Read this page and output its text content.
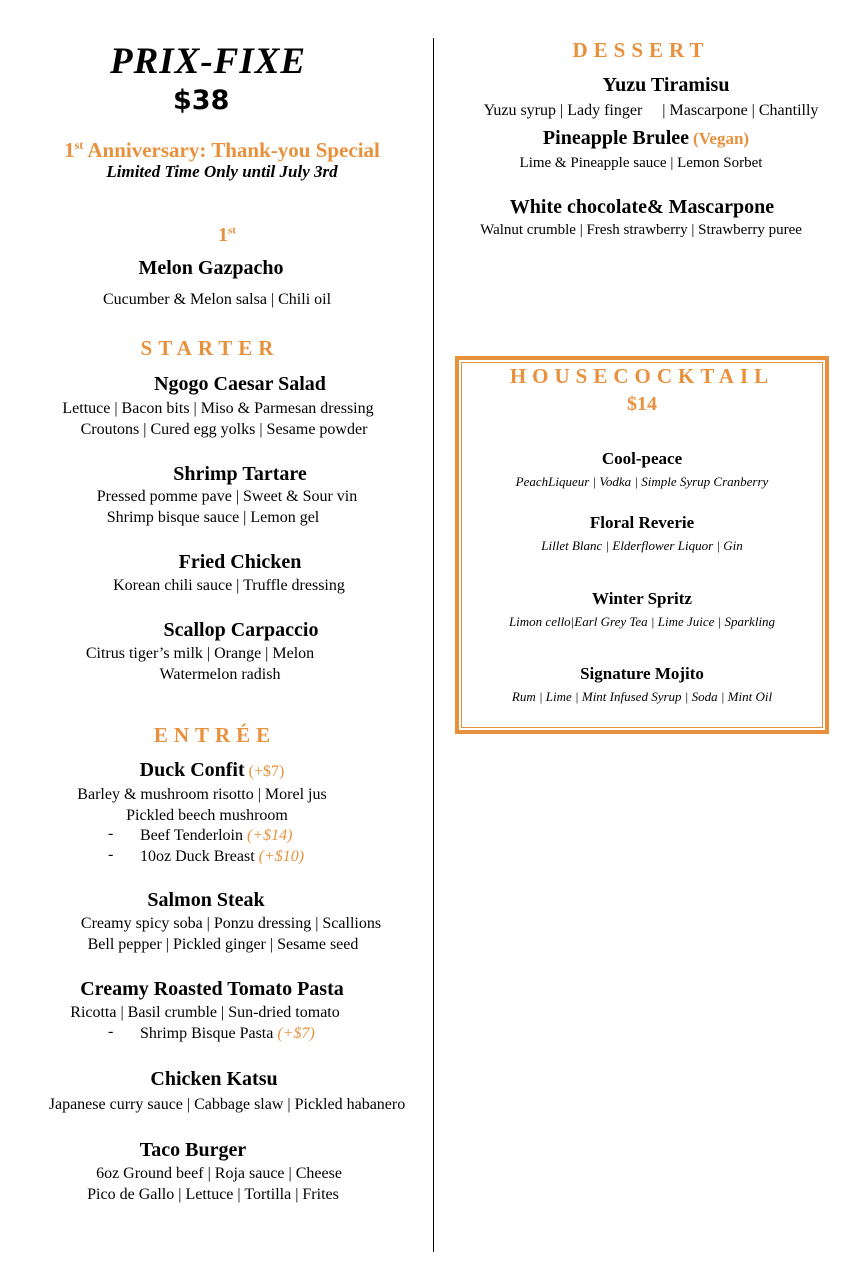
PRIX-FIXE
$38
1st Anniversary: Thank-you Special
Limited Time Only until July 3rd
1st
Melon Gazpacho
Cucumber & Melon salsa | Chili oil
STARTER
Ngogo Caesar Salad
Lettuce | Bacon bits | Miso & Parmesan dressing
Croutons | Cured egg yolks | Sesame powder
Shrimp Tartare
Pressed pomme pave | Sweet & Sour vin
Shrimp bisque sauce | Lemon gel
Fried Chicken
Korean chili sauce | Truffle dressing
Scallop Carpaccio
Citrus tiger’s milk | Orange | Melon
Watermelon radish
ENTRÉE
Duck Confit (+$7)
Barley & mushroom risotto | Morel jus
Pickled beech mushroom
- Beef Tenderloin (+$14)
- 10oz Duck Breast (+$10)
Salmon Steak
Creamy spicy soba | Ponzu dressing | Scallions
Bell pepper | Pickled ginger | Sesame seed
Creamy Roasted Tomato Pasta
Ricotta | Basil crumble | Sun-dried tomato
- Shrimp Bisque Pasta (+$7)
Chicken Katsu
Japanese curry sauce | Cabbage slaw | Pickled habanero
Taco Burger
6oz Ground beef | Roja sauce | Cheese
Pico de Gallo | Lettuce | Tortilla | Frites
DESSERT
Yuzu Tiramisu
Yuzu syrup | Lady finger     | Mascarpone | Chantilly
Pineapple Brulee (Vegan)
Lime & Pineapple sauce | Lemon Sorbet
White chocolate& Mascarpone
Walnut crumble | Fresh strawberry | Strawberry puree
HOUSECOCKTAIL
$14
Cool-peace
PeachLiqueur | Vodka | Simple Syrup Cranberry
Floral Reverie
Lillet Blanc | Elderflower Liquor | Gin
Winter Spritz
Limon cello|Earl Grey Tea | Lime Juice | Sparkling
Signature Mojito
Rum | Lime | Mint Infused Syrup | Soda | Mint Oil
